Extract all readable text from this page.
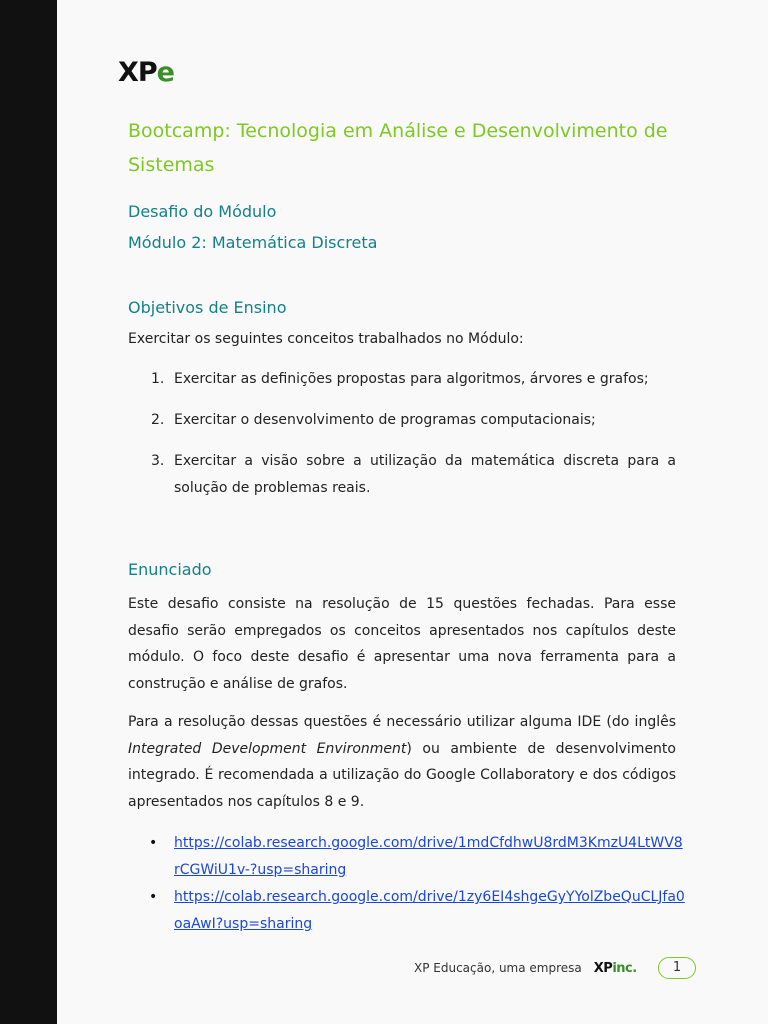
XPe
Bootcamp: Tecnologia em Análise e Desenvolvimento de Sistemas
Desafio do Módulo
Módulo 2: Matemática Discreta
Objetivos de Ensino
Exercitar os seguintes conceitos trabalhados no Módulo:
1. Exercitar as definições propostas para algoritmos, árvores e grafos;
2. Exercitar o desenvolvimento de programas computacionais;
3. Exercitar a visão sobre a utilização da matemática discreta para a solução de problemas reais.
Enunciado
Este desafio consiste na resolução de 15 questões fechadas. Para esse desafio serão empregados os conceitos apresentados nos capítulos deste módulo. O foco deste desafio é apresentar uma nova ferramenta para a construção e análise de grafos.
Para a resolução dessas questões é necessário utilizar alguma IDE (do inglês Integrated Development Environment) ou ambiente de desenvolvimento integrado. É recomendada a utilização do Google Collaboratory e dos códigos apresentados nos capítulos 8 e 9.
• https://colab.research.google.com/drive/1mdCfdhwU8rdM3KmzU4LtWV8rCGWiU1v-?usp=sharing
• https://colab.research.google.com/drive/1zy6EI4shgeGyYYolZbeQuCLJfa0oaAwI?usp=sharing
XP Educação, uma empresa XPinc.	1
